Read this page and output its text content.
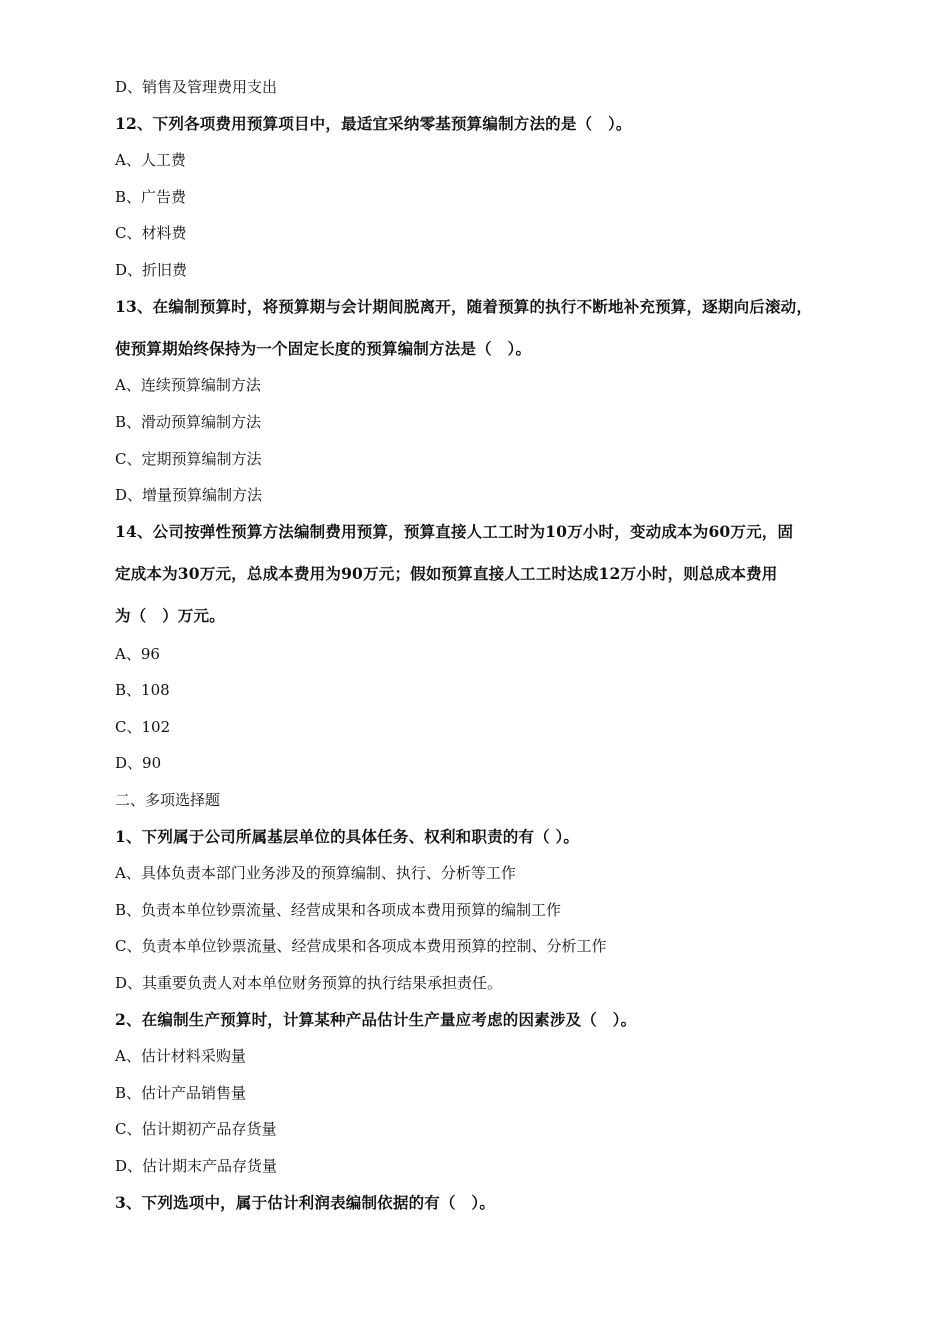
D、销售及管理费用支出
12、下列各项费用预算项目中，最适宜采纳零基预算编制方法的是（　）。
A、人工费
B、广告费
C、材料费
D、折旧费
13、在编制预算时，将预算期与会计期间脱离开，随着预算的执行不断地补充预算，逐期向后滚动，
使预算期始终保持为一个固定长度的预算编制方法是（　）。
A、连续预算编制方法
B、滑动预算编制方法
C、定期预算编制方法
D、增量预算编制方法
14、公司按弹性预算方法编制费用预算，预算直接人工工时为10万小时，变动成本为60万元，固
定成本为30万元，总成本费用为90万元；假如预算直接人工工时达成12万小时，则总成本费用
为（　）万元。
A、96
B、108
C、102
D、90
二、多项选择题
1、下列属于公司所属基层单位的具体任务、权利和职责的有（ ）。
A、具体负责本部门业务涉及的预算编制、执行、分析等工作
B、负责本单位钞票流量、经营成果和各项成本费用预算的编制工作
C、负责本单位钞票流量、经营成果和各项成本费用预算的控制、分析工作
D、其重要负责人对本单位财务预算的执行结果承担责任。
2、在编制生产预算时，计算某种产品估计生产量应考虑的因素涉及（　）。
A、估计材料采购量
B、估计产品销售量
C、估计期初产品存货量
D、估计期末产品存货量
3、下列选项中，属于估计利润表编制依据的有（　）。
